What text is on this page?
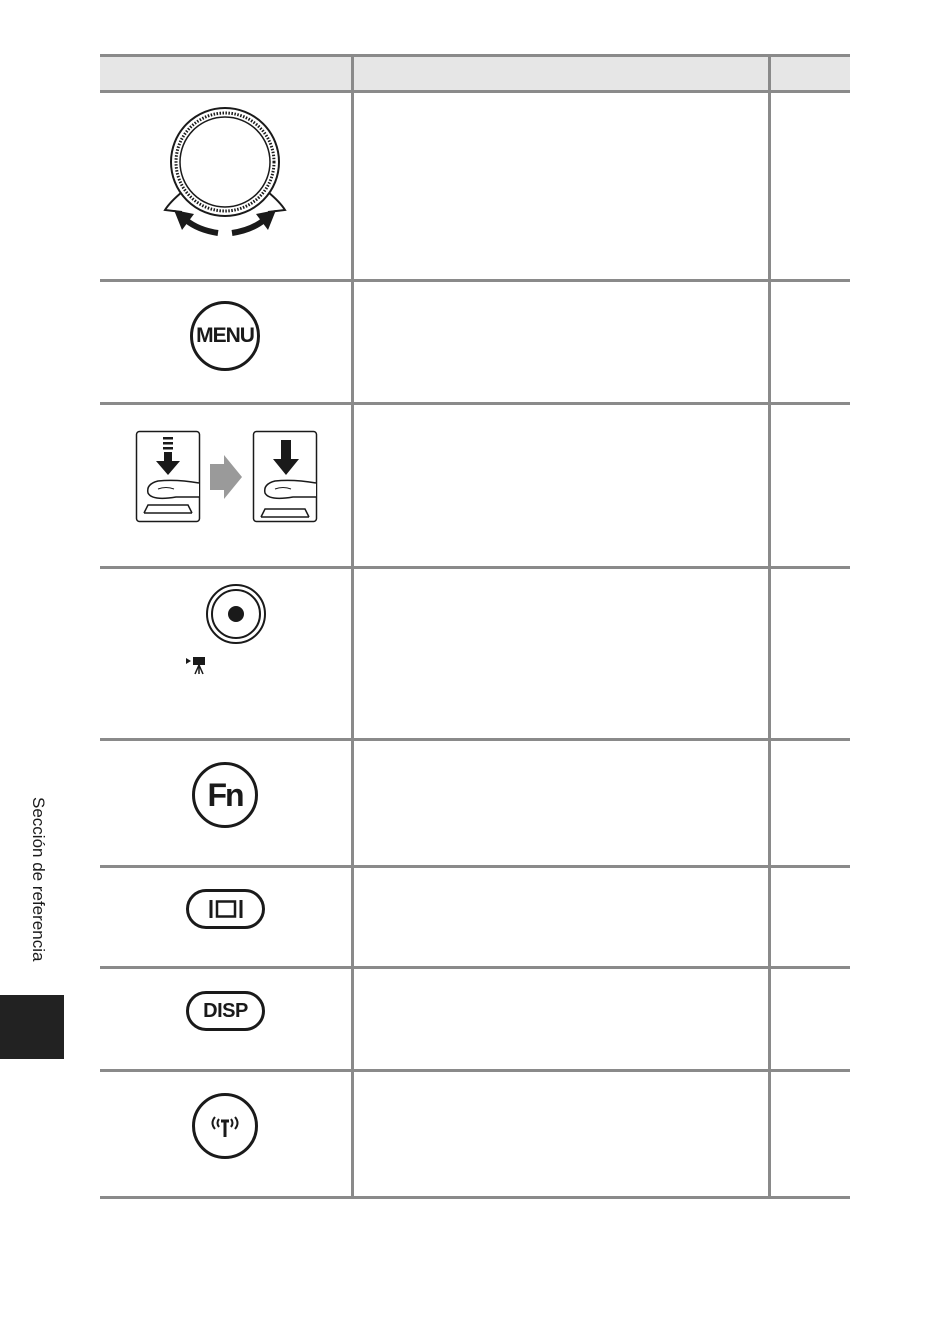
MENU
Fn
DISP
Sección de referencia
